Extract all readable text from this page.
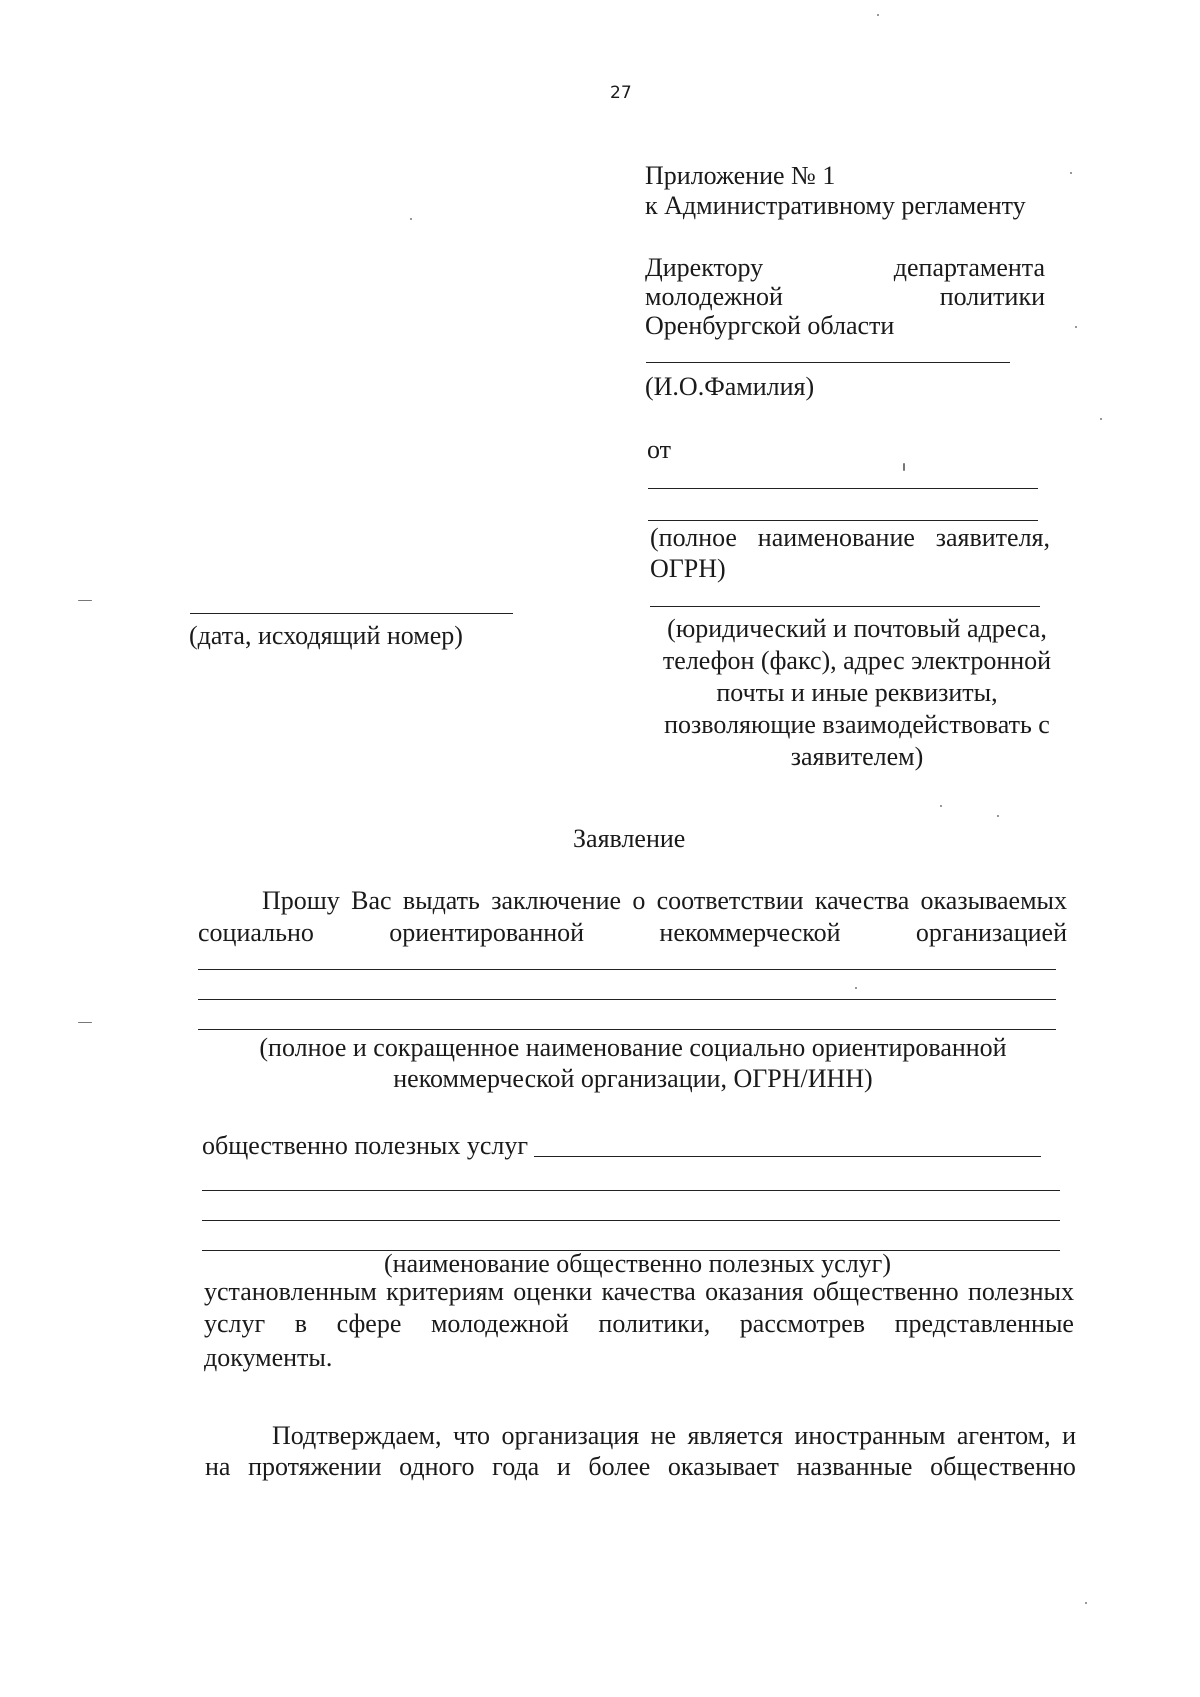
27
Приложение № 1
к Административному регламенту
Директору	департамента
молодежной	политики
Оренбургской области
(И.О.Фамилия)
от
(полное наименование заявителя,
ОГРН)
(юридический и почтовый адреса,
телефон (факс), адрес электронной
почты и иные реквизиты,
позволяющие взаимодействовать с
заявителем)
(дата, исходящий номер)
Заявление
Прошу Вас выдать заключение о соответствии качества оказываемых
социально	ориентированной	некоммерческой	организацией
(полное и сокращенное наименование социально ориентированной
некоммерческой организации, ОГРН/ИНН)
общественно полезных услуг
(наименование общественно полезных услуг)
установленным критериям оценки качества оказания общественно полезных
услуг в сфере молодежной политики, рассмотрев представленные
документы.
Подтверждаем, что организация не является иностранным агентом, и
на протяжении одного года и более оказывает названные общественно
